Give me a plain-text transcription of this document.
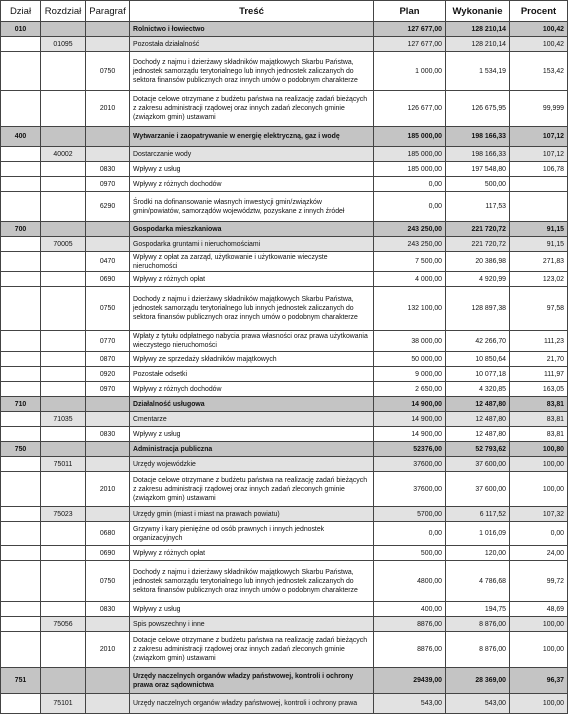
Dział	Rozdział	Paragraf	Treść	Plan	Wykonanie	Procent
010			Rolnictwo i łowiectwo	127 677,00	128 210,14	100,42
	01095		Pozostała działalność	127 677,00	128 210,14	100,42
		0750	Dochody z najmu i dzierżawy składników majątkowych Skarbu Państwa, jednostek samorządu terytorialnego lub innych jednostek zaliczanych do sektora finansów publicznych oraz innych umów o podobnym charakterze	1 000,00	1 534,19	153,42
		2010	Dotacje celowe otrzymane z budżetu państwa na realizację zadań bieżących z zakresu administracji rządowej oraz innych zadań zleconych gminie (związkom gmin) ustawami	126 677,00	126 675,95	99,999
400			Wytwarzanie i zaopatrywanie w energię elektryczną, gaz i wodę	185 000,00	198 166,33	107,12
	40002		Dostarczanie wody	185 000,00	198 166,33	107,12
		0830	Wpływy z usług	185 000,00	197 548,80	106,78
		0970	Wpływy z różnych dochodów	0,00	500,00	
		6290	Środki na dofinansowanie własnych inwestycji gmin/związków gmin/powiatów, samorządów województw, pozyskane z innych źródeł	0,00	117,53	
700			Gospodarka mieszkaniowa	243 250,00	221 720,72	91,15
	70005		Gospodarka gruntami i nieruchomościami	243 250,00	221 720,72	91,15
		0470	Wpływy z opłat za zarząd, użytkowanie i użytkowanie wieczyste nieruchomości	7 500,00	20 386,98	271,83
		0690	Wpływy z różnych opłat	4 000,00	4 920,99	123,02
		0750	Dochody z najmu i dzierżawy składników majątkowych Skarbu Państwa, jednostek samorządu terytorialnego lub innych jednostek zaliczanych do sektora finansów publicznych oraz innych umów o podobnym charakterze	132 100,00	128 897,38	97,58
		0770	Wpłaty z tytułu odpłatnego nabycia prawa własności oraz prawa użytkowania wieczystego nieruchomości	38 000,00	42 266,70	111,23
		0870	Wpływy ze sprzedaży składników majątkowych	50 000,00	10 850,64	21,70
		0920	Pozostałe odsetki	9 000,00	10 077,18	111,97
		0970	Wpływy z różnych dochodów	2 650,00	4 320,85	163,05
710			Działalność usługowa	14 900,00	12 487,80	83,81
	71035		Cmentarze	14 900,00	12 487,80	83,81
		0830	Wpływy z usług	14 900,00	12 487,80	83,81
750			Administracja publiczna	52376,00	52 793,62	100,80
	75011		Urzędy wojewódzkie	37600,00	37 600,00	100,00
		2010	Dotacje celowe otrzymane z budżetu państwa na realizację zadań bieżących z zakresu administracji rządowej oraz innych zadań zleconych gminie (związkom gmin) ustawami	37600,00	37 600,00	100,00
	75023		Urzędy gmin (miast i miast na prawach powiatu)	5700,00	6 117,52	107,32
		0680	Grzywny i kary pieniężne od osób prawnych i innych jednostek organizacyjnych	0,00	1 016,09	0,00
		0690	Wpływy z różnych opłat	500,00	120,00	24,00
		0750	Dochody z najmu i dzierżawy składników majątkowych Skarbu Państwa, jednostek samorządu terytorialnego lub innych jednostek zaliczanych do sektora finansów publicznych oraz innych umów o podobnym charakterze	4800,00	4 786,68	99,72
		0830	Wpływy z usług	400,00	194,75	48,69
	75056		Spis powszechny i inne	8876,00	8 876,00	100,00
		2010	Dotacje celowe otrzymane z budżetu państwa na realizację zadań bieżących z zakresu administracji rządowej oraz innych zadań zleconych gminie (związkom gmin) ustawami	8876,00	8 876,00	100,00
751			Urzędy naczelnych organów władzy państwowej, kontroli i ochrony prawa oraz sądownictwa	29439,00	28 369,00	96,37
	75101		Urzędy naczelnych organów władzy państwowej, kontroli i ochrony prawa	543,00	543,00	100,00
